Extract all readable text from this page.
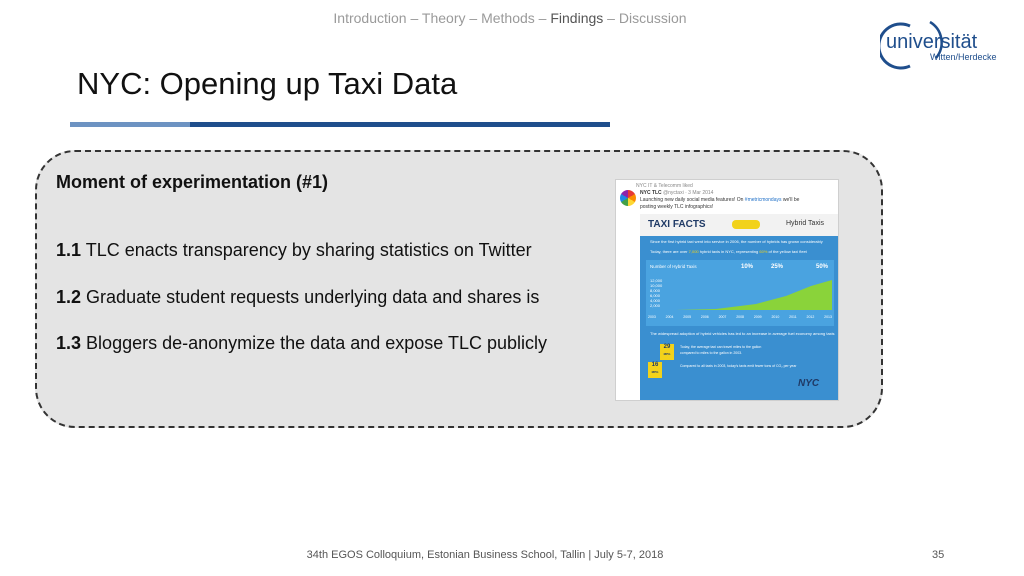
Introduction – Theory – Methods – Findings – Discussion
universität
Witten/Herdecke
NYC: Opening up Taxi Data
Moment of experimentation (#1)
1.1 TLC enacts transparency by sharing statistics on Twitter
1.2 Graduate student requests underlying data and shares is
1.3 Bloggers de-anonymize the data and expose TLC publicly
NYC IT & Telecomm liked
NYC TLC @nyctaxi · 3 Mar 2014
Launching new daily social media features! On #metricmondays we'll be
posting weekly TLC infographics!
TAXI FACTS	Hybrid Taxis
Since the first hybrid taxi went into service in 2006, the number of hybrids has grown considerably
Today, there are over 7,000 hybrid taxis in NYC, representing 60% of the yellow taxi fleet
Number of Hybrid Taxis	10%	25%	50%
12,000
10,000
8,000
6,000
4,000
2,000
2003	2004	2005	2006	2007	2008	2009	2010	2011	2012	2013
The widespread adoption of hybrid vehicles has led to an increase in average fuel economy among taxis
29
MPG
16
MPG
Today, the average taxi can travel miles to the gallon
compared to miles to the gallon in 2003.
Compared to all taxis in 2003, today's taxis emit fewer tons of CO₂ per year
NYC
34th EGOS Colloquium, Estonian Business School, Tallin | July 5-7, 2018	35
